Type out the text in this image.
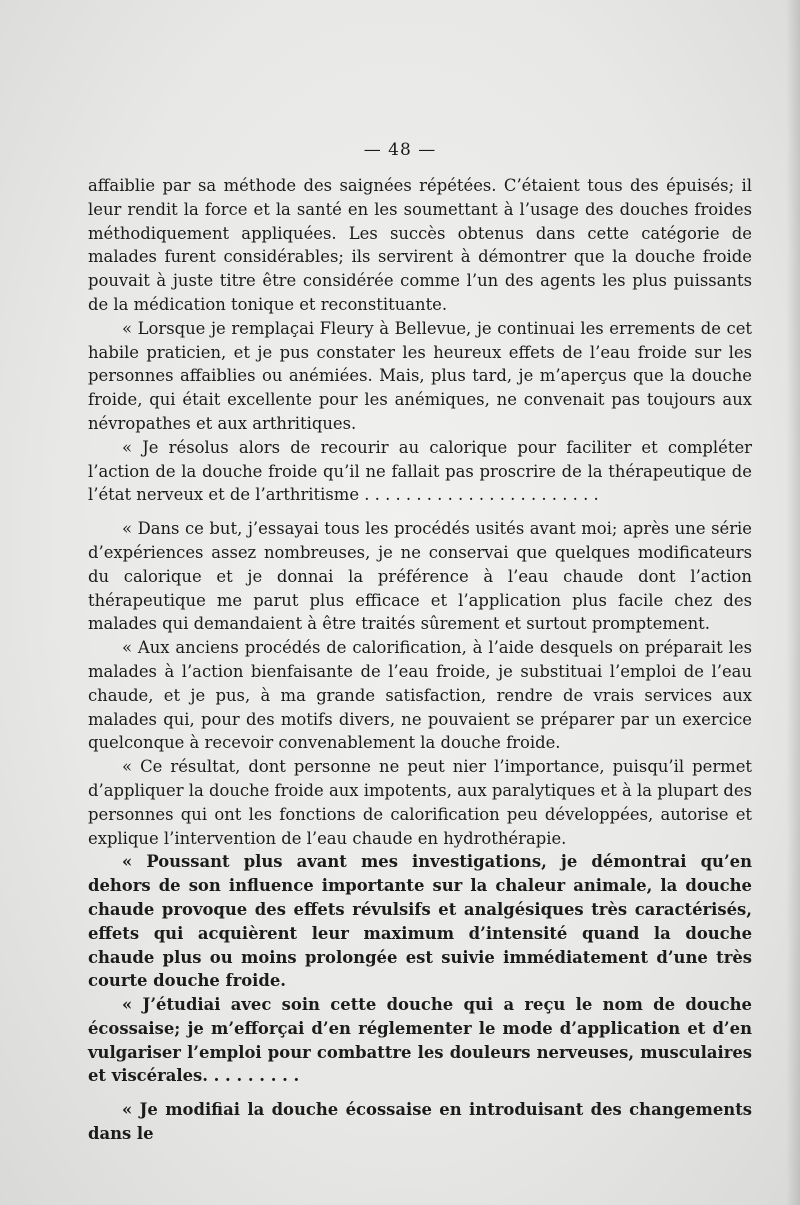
— 48 —

affaiblie par sa méthode des saignées répétées. C’étaient tous des épuisés; il leur rendit la force et la santé en les soumettant à l’usage des douches froides méthodiquement appliquées. Les succès obtenus dans cette catégorie de malades furent considérables; ils servirent à démontrer que la douche froide pouvait à juste titre être considérée comme l’un des agents les plus puissants de la médication tonique et reconstituante.

« Lorsque je remplaçai Fleury à Bellevue, je continuai les errements de cet habile praticien, et je pus constater les heureux effets de l’eau froide sur les personnes affaiblies ou anémiées. Mais, plus tard, je m’aperçus que la douche froide, qui était excellente pour les anémiques, ne convenait pas toujours aux névropathes et aux arthritiques.

« Je résolus alors de recourir au calorique pour faciliter et compléter l’action de la douche froide qu’il ne fallait pas proscrire de la thérapeutique de l’état nerveux et de l’arthritisme . . . . . . . . . . . . . . . . . . . . . . .

« Dans ce but, j’essayai tous les procédés usités avant moi; après une série d’expériences assez nombreuses, je ne conservai que quelques modificateurs du calorique et je donnai la préférence à l’eau chaude dont l’action thérapeutique me parut plus efficace et l’application plus facile chez des malades qui demandaient à être traités sûrement et surtout promptement.

« Aux anciens procédés de calorification, à l’aide desquels on préparait les malades à l’action bienfaisante de l’eau froide, je substituai l’emploi de l’eau chaude, et je pus, à ma grande satisfaction, rendre de vrais services aux malades qui, pour des motifs divers, ne pouvaient se préparer par un exercice quelconque à recevoir convenablement la douche froide.

« Ce résultat, dont personne ne peut nier l’importance, puisqu’il permet d’appliquer la douche froide aux impotents, aux paralytiques et à la plupart des personnes qui ont les fonctions de calorification peu développées, autorise et explique l’intervention de l’eau chaude en hydrothérapie.

« Poussant plus avant mes investigations, je démontrai qu’en dehors de son influence importante sur la chaleur animale, la douche chaude provoque des effets révulsifs et analgésiques très caractérisés, effets qui acquièrent leur maximum d’intensité quand la douche chaude plus ou moins prolongée est suivie immédiatement d’une très courte douche froide.

« J’étudiai avec soin cette douche qui a reçu le nom de douche écossaise; je m’efforçai d’en réglementer le mode d’application et d’en vulgariser l’emploi pour combattre les douleurs nerveuses, musculaires et viscérales. . . . . . . . .

« Je modifiai la douche écossaise en introduisant des changements dans le
